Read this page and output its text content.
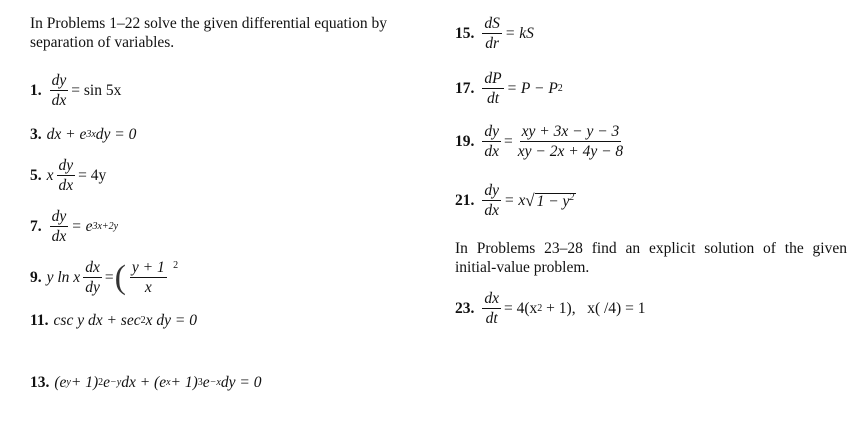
In Problems 1–22 solve the given differential equation by separation of variables.
1. $\frac{dy}{dx} = \sin 5x$
3. dx + e 3x dy = 0
5. x $\frac{dy}{dx} = 4y$
7. $\frac{dy}{dx} = e$ 3x+2y
9. y ln x $\frac{dx}{dy}$ = ( $\frac{y + 1}{x} ^2$
11. csc y dx + sec 2 x dy = 0
13. (e y + 1) 2 e −y dx + (e x + 1) 3 e −x dy = 0
15. $\frac{dS}{dr}$ = kS
17. $\frac{dP}{dt} = P - P$ 2
19. $\frac{dy}{dx} = \frac{xy + 3x - y - 3}{xy - 2x + 4y - 8}$
21. $\frac{dy}{dx} = x$ √ $1 - y^2$
In Problems 23–28 find an explicit solution of the given initial-value problem.
23. $\frac{dx}{dt} = 4(x$ 2 + 1),   x( /4) = 1
